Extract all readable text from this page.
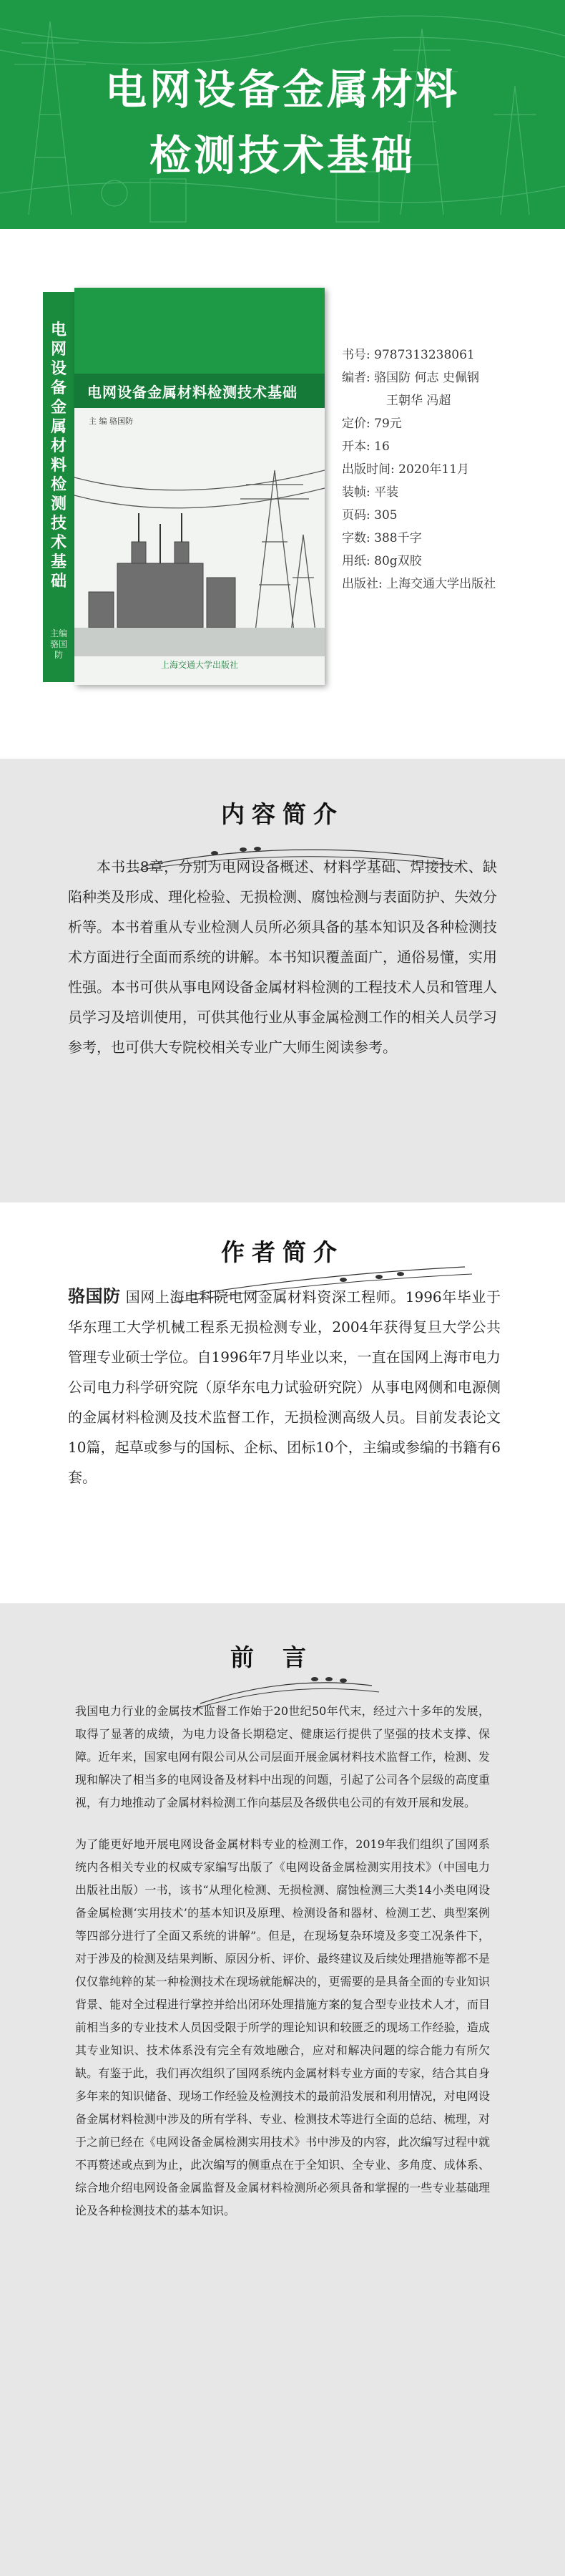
电网设备金属材料
检测技术基础
电网设备金属材料检测技术基础
主编 骆国防
电网设备金属材料检测技术基础
主 编 骆国防
上海交通大学出版社
书号: 9787313238061
编者: 骆国防 何志 史佩钢
王朝华 冯超
定价: 79元
开本: 16
出版时间: 2020年11月
装帧: 平装
页码: 305
字数: 388千字
用纸: 80g双胶
出版社: 上海交通大学出版社
内容简介
本书共8章，分别为电网设备概述、材料学基础、焊接技术、缺陷种类及形成、理化检验、无损检测、腐蚀检测与表面防护、失效分析等。本书着重从专业检测人员所必须具备的基本知识及各种检测技术方面进行全面而系统的讲解。本书知识覆盖面广，通俗易懂，实用性强。本书可供从事电网设备金属材料检测的工程技术人员和管理人员学习及培训使用，可供其他行业从事金属检测工作的相关人员学习参考，也可供大专院校相关专业广大师生阅读参考。
作者简介
骆国防 国网上海电科院电网金属材料资深工程师。1996年毕业于华东理工大学机械工程系无损检测专业，2004年获得复旦大学公共管理专业硕士学位。自1996年7月毕业以来，一直在国网上海市电力公司电力科学研究院（原华东电力试验研究院）从事电网侧和电源侧的金属材料检测及技术监督工作，无损检测高级人员。目前发表论文10篇，起草或参与的国标、企标、团标10个，主编或参编的书籍有6套。
前言

我国电力行业的金属技术监督工作始于20世纪50年代末，经过六十多年的发展，取得了显著的成绩，为电力设备长期稳定、健康运行提供了坚强的技术支撑、保障。近年来，国家电网有限公司从公司层面开展金属材料技术监督工作，检测、发现和解决了相当多的电网设备及材料中出现的问题，引起了公司各个层级的高度重视，有力地推动了金属材料检测工作向基层及各级供电公司的有效开展和发展。

为了能更好地开展电网设备金属材料专业的检测工作，2019年我们组织了国网系统内各相关专业的权威专家编写出版了《电网设备金属检测实用技术》（中国电力出版社出版）一书，该书“从理化检测、无损检测、腐蚀检测三大类14小类电网设备金属检测‘实用技术’的基本知识及原理、检测设备和器材、检测工艺、典型案例等四部分进行了全面又系统的讲解”。但是，在现场复杂环境及多变工况条件下，对于涉及的检测及结果判断、原因分析、评价、最终建议及后续处理措施等都不是仅仅靠纯粹的某一种检测技术在现场就能解决的，更需要的是具备全面的专业知识背景、能对全过程进行掌控并给出闭环处理措施方案的复合型专业技术人才，而目前相当多的专业技术人员因受限于所学的理论知识和较匮乏的现场工作经验，造成其专业知识、技术体系没有完全有效地融合，应对和解决问题的综合能力有所欠缺。有鉴于此，我们再次组织了国网系统内金属材料专业方面的专家，结合其自身多年来的知识储备、现场工作经验及检测技术的最前沿发展和利用情况，对电网设备金属材料检测中涉及的所有学科、专业、检测技术等进行全面的总结、梳理，对于之前已经在《电网设备金属检测实用技术》书中涉及的内容，此次编写过程中就不再赘述或点到为止，此次编写的侧重点在于全知识、全专业、多角度、成体系、综合地介绍电网设备金属监督及金属材料检测所必须具备和掌握的一些专业基础理论及各种检测技术的基本知识。
